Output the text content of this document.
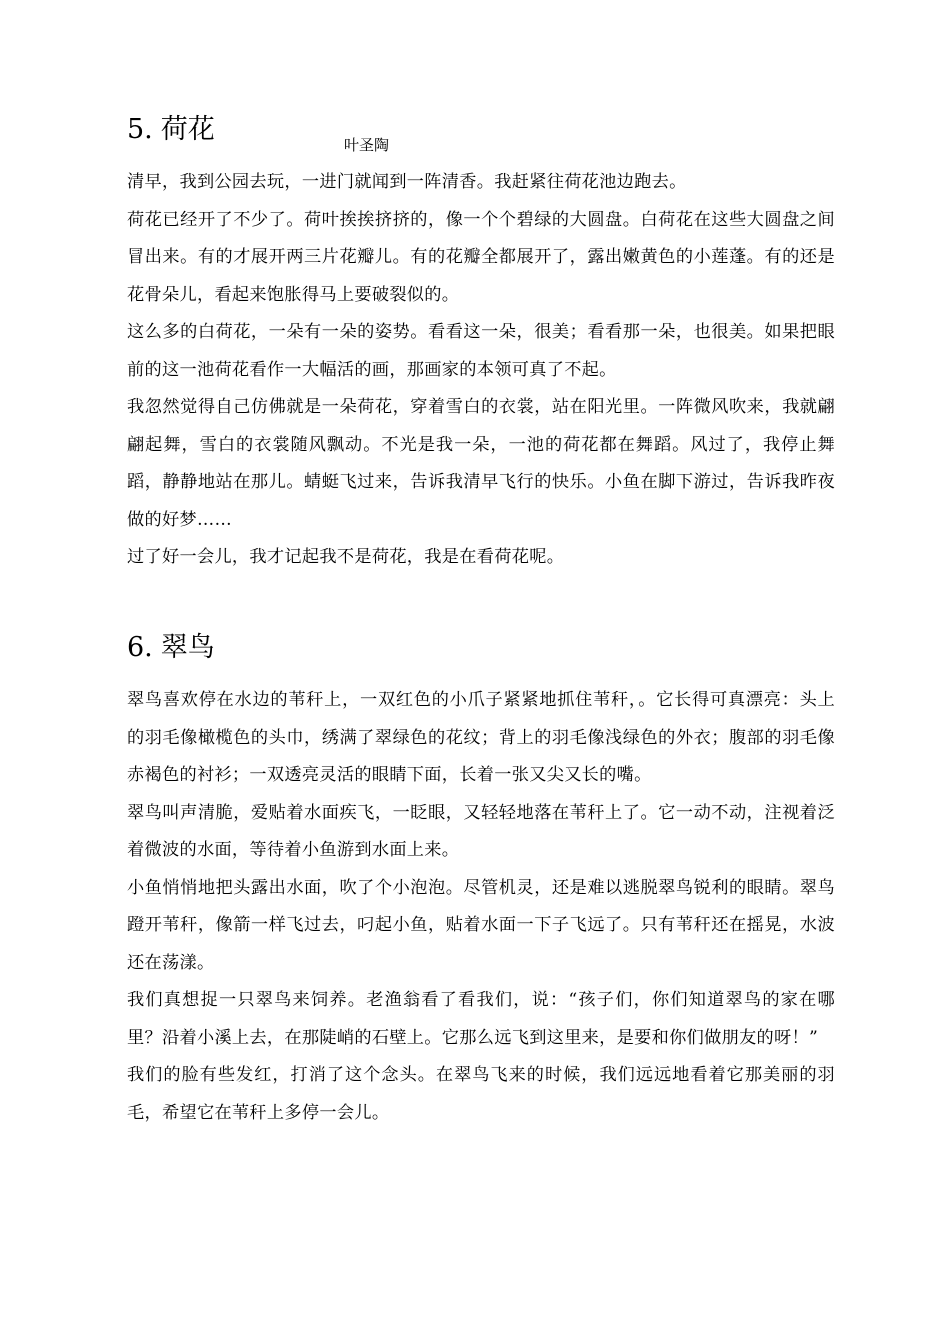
5. 荷花	叶圣陶

清早，我到公园去玩，一进门就闻到一阵清香。我赶紧往荷花池边跑去。

荷花已经开了不少了。荷叶挨挨挤挤的，像一个个碧绿的大圆盘。白荷花在这些大圆盘之间冒出来。有的才展开两三片花瓣儿。有的花瓣全都展开了，露出嫩黄色的小莲蓬。有的还是花骨朵儿，看起来饱胀得马上要破裂似的。

这么多的白荷花，一朵有一朵的姿势。看看这一朵，很美；看看那一朵，也很美。如果把眼前的这一池荷花看作一大幅活的画，那画家的本领可真了不起。

我忽然觉得自己仿佛就是一朵荷花，穿着雪白的衣裳，站在阳光里。一阵微风吹来，我就翩翩起舞，雪白的衣裳随风飘动。不光是我一朵，一池的荷花都在舞蹈。风过了，我停止舞蹈，静静地站在那儿。蜻蜓飞过来，告诉我清早飞行的快乐。小鱼在脚下游过，告诉我昨夜做的好梦……

过了好一会儿，我才记起我不是荷花，我是在看荷花呢。

6. 翠鸟

翠鸟喜欢停在水边的苇秆上，一双红色的小爪子紧紧地抓住苇秆，。它长得可真漂亮：头上的羽毛像橄榄色的头巾，绣满了翠绿色的花纹；背上的羽毛像浅绿色的外衣；腹部的羽毛像赤褐色的衬衫；一双透亮灵活的眼睛下面，长着一张又尖又长的嘴。

翠鸟叫声清脆，爱贴着水面疾飞，一眨眼，又轻轻地落在苇秆上了。它一动不动，注视着泛着微波的水面，等待着小鱼游到水面上来。

小鱼悄悄地把头露出水面，吹了个小泡泡。尽管机灵，还是难以逃脱翠鸟锐利的眼睛。翠鸟蹬开苇秆，像箭一样飞过去，叼起小鱼，贴着水面一下子飞远了。只有苇秆还在摇晃，水波还在荡漾。

我们真想捉一只翠鸟来饲养。老渔翁看了看我们，说：“孩子们，你们知道翠鸟的家在哪里？沿着小溪上去，在那陡峭的石壁上。它那么远飞到这里来，是要和你们做朋友的呀！”

我们的脸有些发红，打消了这个念头。在翠鸟飞来的时候，我们远远地看着它那美丽的羽毛，希望它在苇秆上多停一会儿。
